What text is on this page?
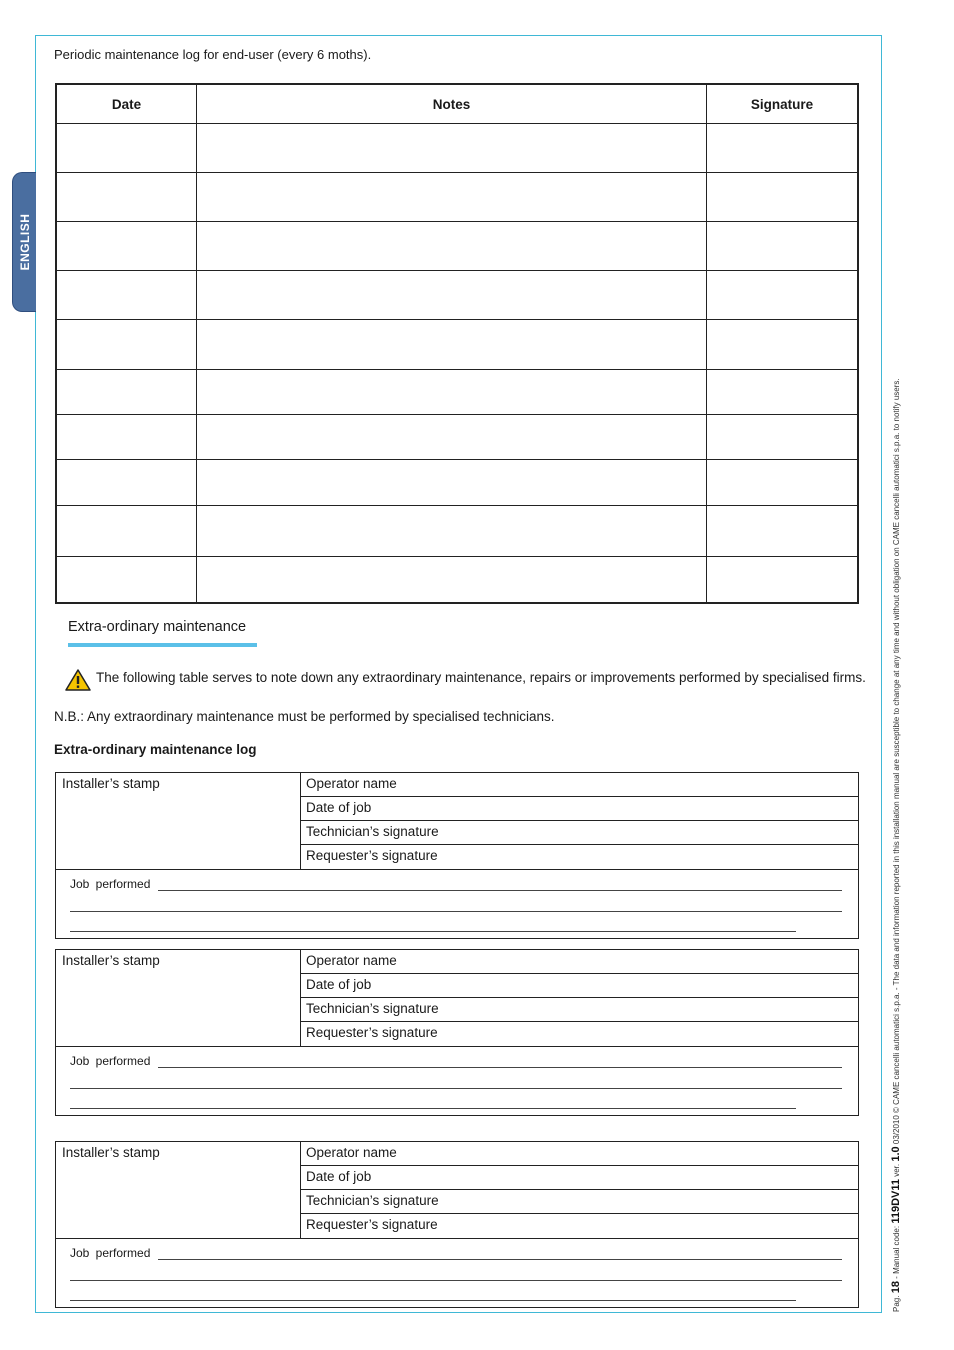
ENGLISH
Periodic maintenance log for end-user (every 6 moths).
Date	Notes	Signature

Extra-ordinary maintenance
The following table serves to note down any extraordinary maintenance, repairs or improvements performed by specialised firms.
N.B.: Any extraordinary maintenance must be performed by specialised technicians.
Extra-ordinary maintenance log
Installer’s stamp	Operator name
Date of job
Technician’s signature
Requester’s signature
Job performed
Installer’s stamp	Operator name
Date of job
Technician’s signature
Requester’s signature
Job performed
Installer’s stamp	Operator name
Date of job
Technician’s signature
Requester’s signature
Job performed
Pag. 18 - Manual code: 119DV11 ver. 1.0 03/2010 © CAME cancelli automatici s.p.a. - The data and information reported in this installation manual are susceptible to change at any time and without obligation on CAME cancelli automatici s.p.a. to notify users.
